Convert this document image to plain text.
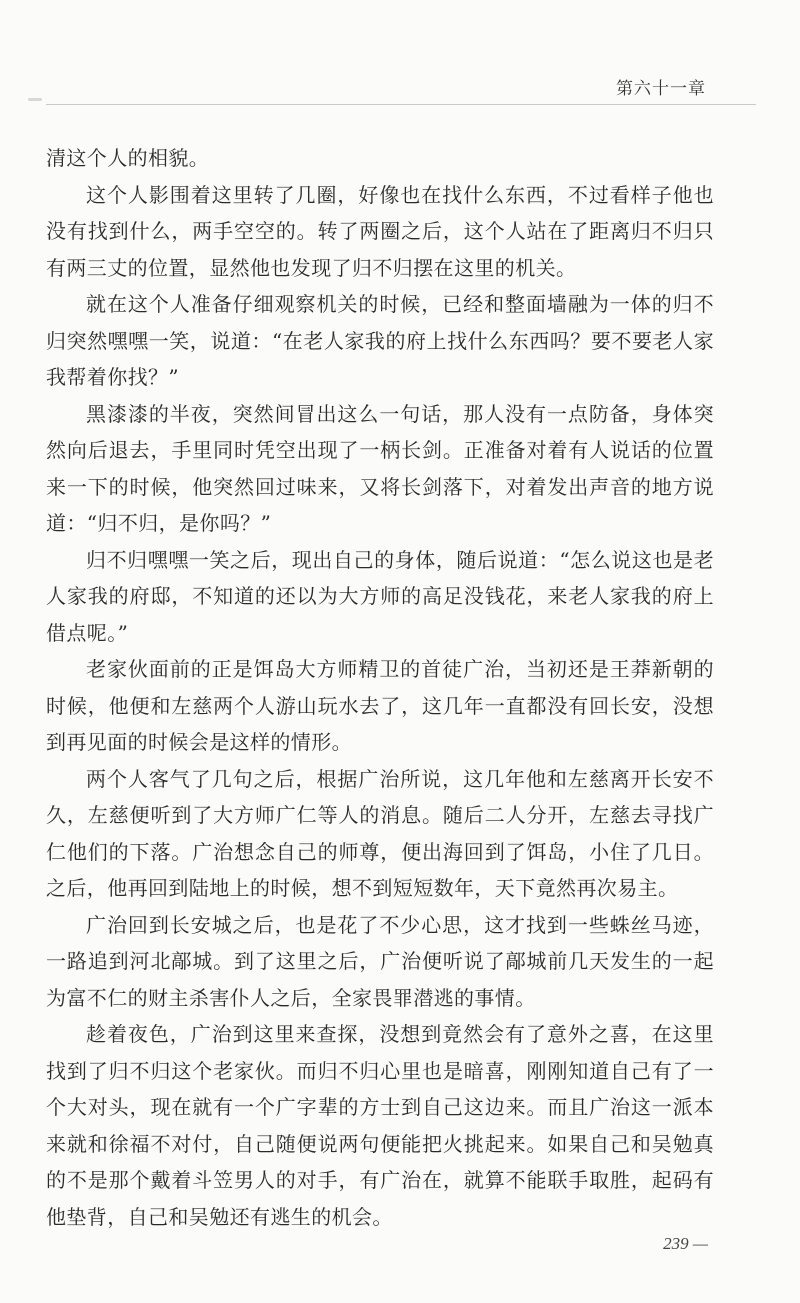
第六十一章

清这个人的相貌。

这个人影围着这里转了几圈，好像也在找什么东西，不过看样子他也没有找到什么，两手空空的。转了两圈之后，这个人站在了距离归不归只有两三丈的位置，显然他也发现了归不归摆在这里的机关。

就在这个人准备仔细观察机关的时候，已经和整面墙融为一体的归不归突然嘿嘿一笑，说道：“在老人家我的府上找什么东西吗？要不要老人家我帮着你找？”

黑漆漆的半夜，突然间冒出这么一句话，那人没有一点防备，身体突然向后退去，手里同时凭空出现了一柄长剑。正准备对着有人说话的位置来一下的时候，他突然回过味来，又将长剑落下，对着发出声音的地方说道：“归不归，是你吗？”

归不归嘿嘿一笑之后，现出自己的身体，随后说道：“怎么说这也是老人家我的府邸，不知道的还以为大方师的高足没钱花，来老人家我的府上借点呢。”

老家伙面前的正是饵岛大方师精卫的首徒广治，当初还是王莽新朝的时候，他便和左慈两个人游山玩水去了，这几年一直都没有回长安，没想到再见面的时候会是这样的情形。

两个人客气了几句之后，根据广治所说，这几年他和左慈离开长安不久，左慈便听到了大方师广仁等人的消息。随后二人分开，左慈去寻找广仁他们的下落。广治想念自己的师尊，便出海回到了饵岛，小住了几日。之后，他再回到陆地上的时候，想不到短短数年，天下竟然再次易主。

广治回到长安城之后，也是花了不少心思，这才找到一些蛛丝马迹，一路追到河北鄗城。到了这里之后，广治便听说了鄗城前几天发生的一起为富不仁的财主杀害仆人之后，全家畏罪潜逃的事情。

趁着夜色，广治到这里来查探，没想到竟然会有了意外之喜，在这里找到了归不归这个老家伙。而归不归心里也是暗喜，刚刚知道自己有了一个大对头，现在就有一个广字辈的方士到自己这边来。而且广治这一派本来就和徐福不对付，自己随便说两句便能把火挑起来。如果自己和吴勉真的不是那个戴着斗笠男人的对手，有广治在，就算不能联手取胜，起码有他垫背，自己和吴勉还有逃生的机会。

239 —
